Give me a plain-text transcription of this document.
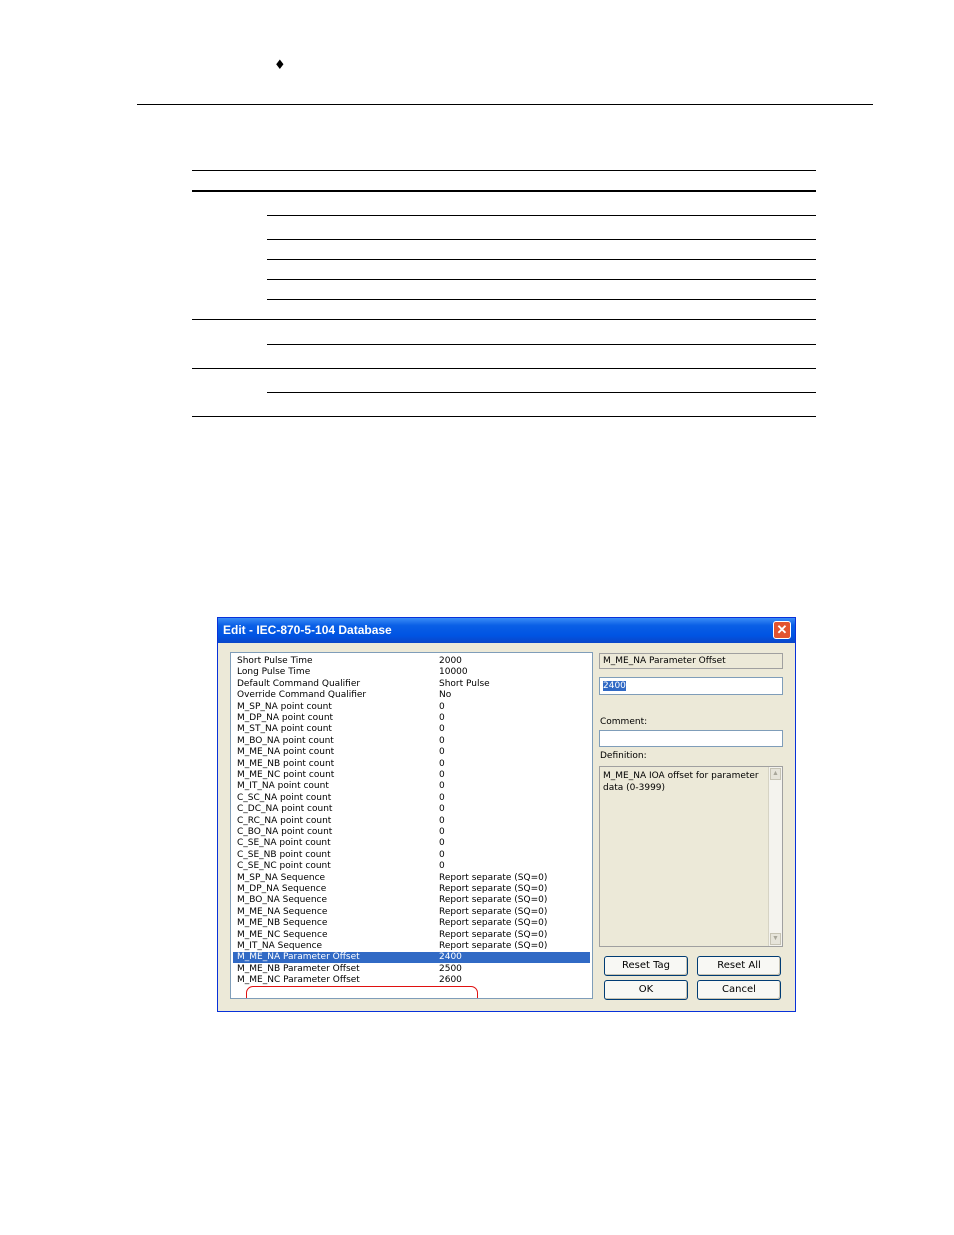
♦
Edit - IEC-870-5-104 Database	✕
Short Pulse Time	2000
Long Pulse Time	10000
Default Command Qualifier	Short Pulse
Override Command Qualifier	No
M_SP_NA point count	0
M_DP_NA point count	0
M_ST_NA point count	0
M_BO_NA point count	0
M_ME_NA point count	0
M_ME_NB point count	0
M_ME_NC point count	0
M_IT_NA point count	0
C_SC_NA point count	0
C_DC_NA point count	0
C_RC_NA point count	0
C_BO_NA point count	0
C_SE_NA point count	0
C_SE_NB point count	0
C_SE_NC point count	0
M_SP_NA Sequence	Report separate (SQ=0)
M_DP_NA Sequence	Report separate (SQ=0)
M_BO_NA Sequence	Report separate (SQ=0)
M_ME_NA Sequence	Report separate (SQ=0)
M_ME_NB Sequence	Report separate (SQ=0)
M_ME_NC Sequence	Report separate (SQ=0)
M_IT_NA Sequence	Report separate (SQ=0)
M_ME_NA Parameter Offset	2400
M_ME_NB Parameter Offset	2500
M_ME_NC Parameter Offset	2600
M_ME_NA Parameter Offset
2400
Comment:
Definition:
M_ME_NA IOA offset for parameter data (0-3999)
▲
▼
Reset Tag	Reset All
OK	Cancel
